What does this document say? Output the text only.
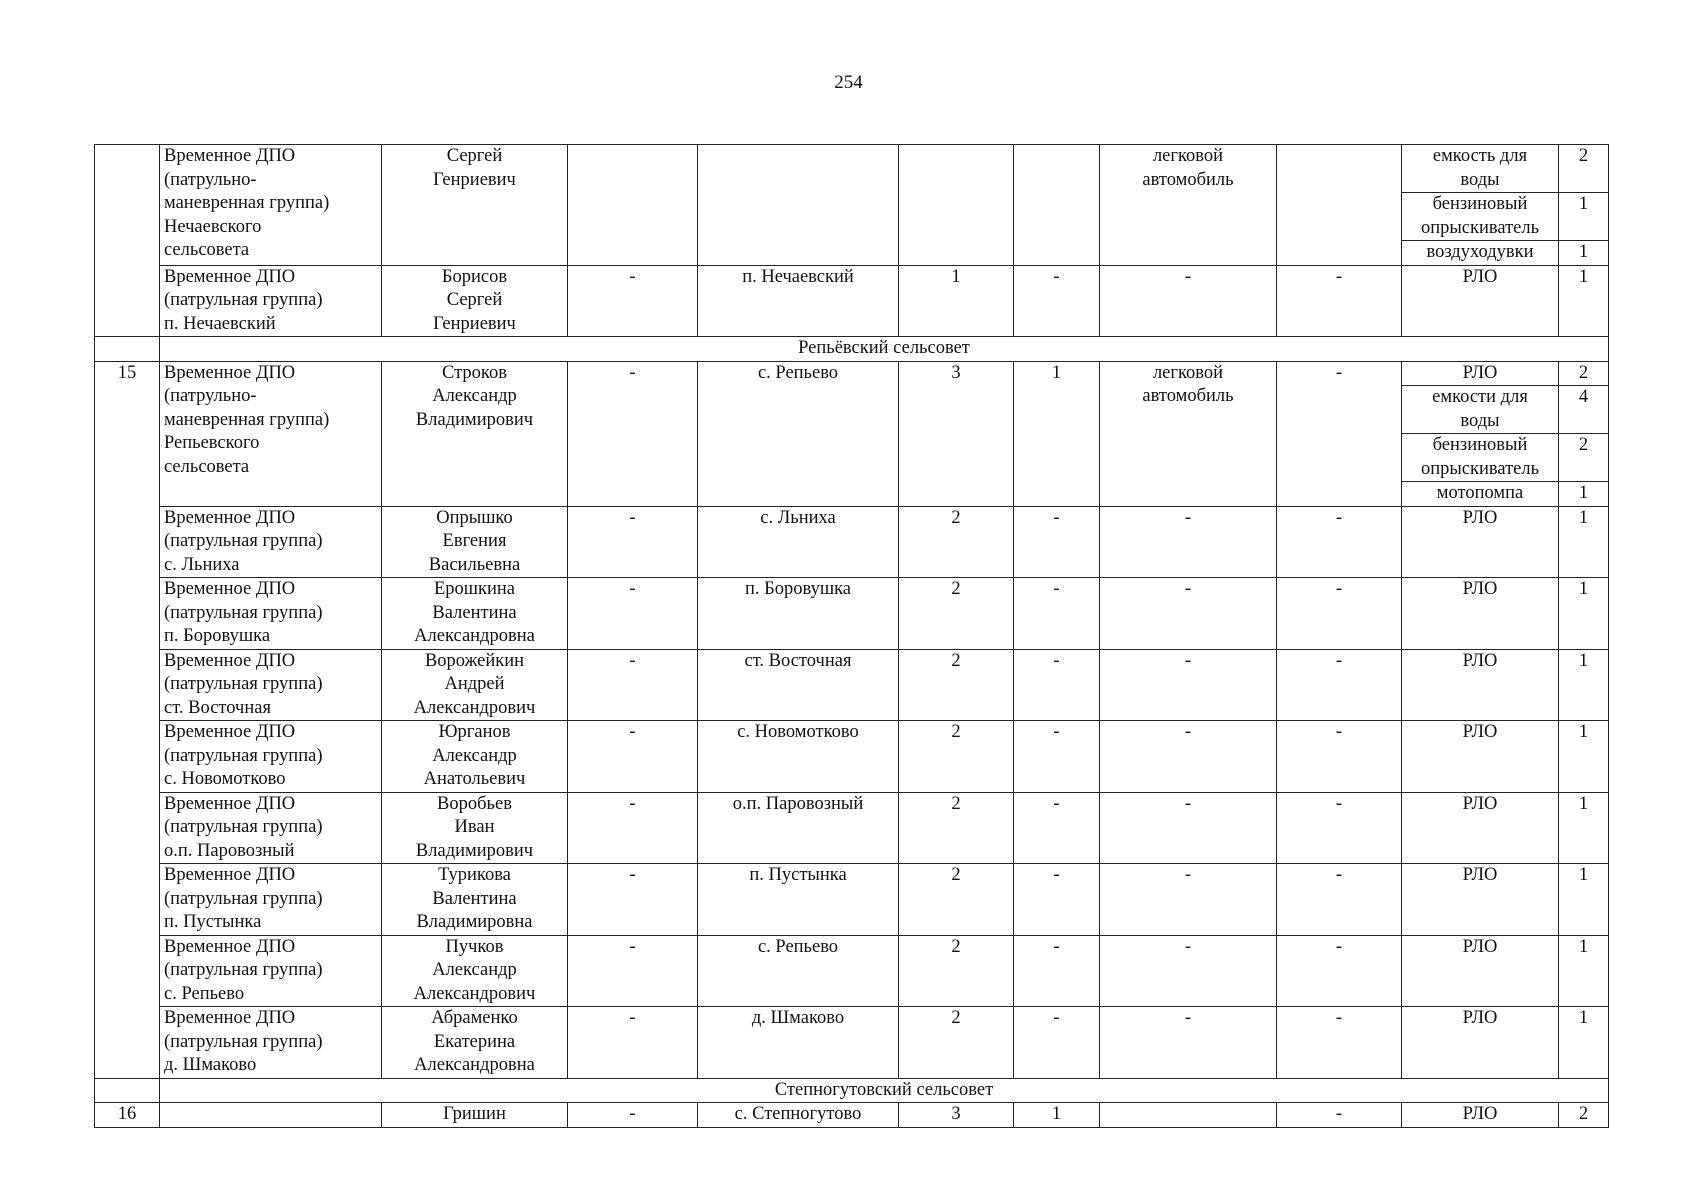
254
	Временное ДПО
(патрульно-
маневренная группа)
Нечаевского
сельсовета	Сергей
Генриевич					легковой
автомобиль		емкость для
воды	2
									бензиновый
опрыскиватель	1
									воздуходувки	1
	Временное ДПО
(патрульная группа)
п. Нечаевский	Борисов
Сергей
Генриевич	-	п. Нечаевский	1	-	-	-	РЛО	1
	Репьёвский сельсовет									
15	Временное ДПО
(патрульно-
маневренная группа)
Репьевского
сельсовета	Строков
Александр
Владимирович	-	с. Репьево	3	1	легковой
автомобиль	-	РЛО	2
									емкости для
воды	4
									бензиновый
опрыскиватель	2
									мотопомпа	1
	Временное ДПО
(патрульная группа)
с. Льниха	Опрышко
Евгения
Васильевна	-	с. Льниха	2	-	-	-	РЛО	1
	Временное ДПО
(патрульная группа)
п. Боровушка	Ерошкина
Валентина
Александровна	-	п. Боровушка	2	-	-	-	РЛО	1
	Временное ДПО
(патрульная группа)
ст. Восточная	Ворожейкин
Андрей
Александрович	-	ст. Восточная	2	-	-	-	РЛО	1
	Временное ДПО
(патрульная группа)
с. Новомотково	Юрганов
Александр
Анатольевич	-	с. Новомотково	2	-	-	-	РЛО	1
	Временное ДПО
(патрульная группа)
о.п. Паровозный	Воробьев
Иван
Владимирович	-	о.п. Паровозный	2	-	-	-	РЛО	1
	Временное ДПО
(патрульная группа)
п. Пустынка	Турикова
Валентина
Владимировна	-	п. Пустынка	2	-	-	-	РЛО	1
	Временное ДПО
(патрульная группа)
с. Репьево	Пучков
Александр
Александрович	-	с. Репьево	2	-	-	-	РЛО	1
	Временное ДПО
(патрульная группа)
д. Шмаково	Абраменко
Екатерина
Александровна	-	д. Шмаково	2	-	-	-	РЛО	1
	Степногутовский сельсовет									
16		Гришин	-	с. Степногутово	3	1		-	РЛО	2
